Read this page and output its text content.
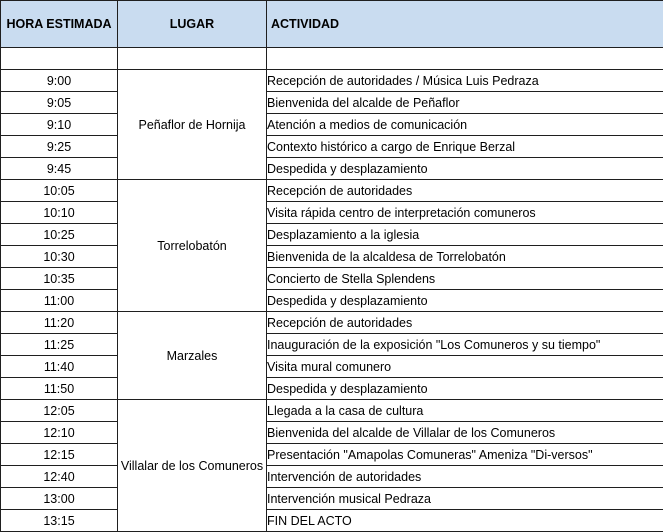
HORA ESTIMADA	LUGAR	ACTIVIDAD

9:00	Peñaflor de Hornija	Recepción de autoridades / Música Luis Pedraza
9:05		Bienvenida del alcalde de Peñaflor
9:10		Atención a medios de comunicación
9:25		Contexto histórico a cargo de Enrique Berzal
9:45		Despedida y desplazamiento
10:05	Torrelobatón	Recepción de autoridades
10:10		Visita rápida centro de interpretación comuneros
10:25		Desplazamiento a la iglesia
10:30		Bienvenida de la alcaldesa de Torrelobatón
10:35		Concierto de Stella Splendens
11:00		Despedida y desplazamiento
11:20	Marzales	Recepción de autoridades
11:25		Inauguración de la exposición "Los Comuneros y su tiempo"
11:40		Visita mural comunero
11:50		Despedida y desplazamiento
12:05	Villalar de los Comuneros	Llegada a la casa de cultura
12:10		Bienvenida del alcalde de Villalar de los Comuneros
12:15		Presentación "Amapolas Comuneras" Ameniza "Di-versos"
12:40		Intervención de autoridades
13:00		Intervención musical Pedraza
13:15		FIN DEL ACTO
